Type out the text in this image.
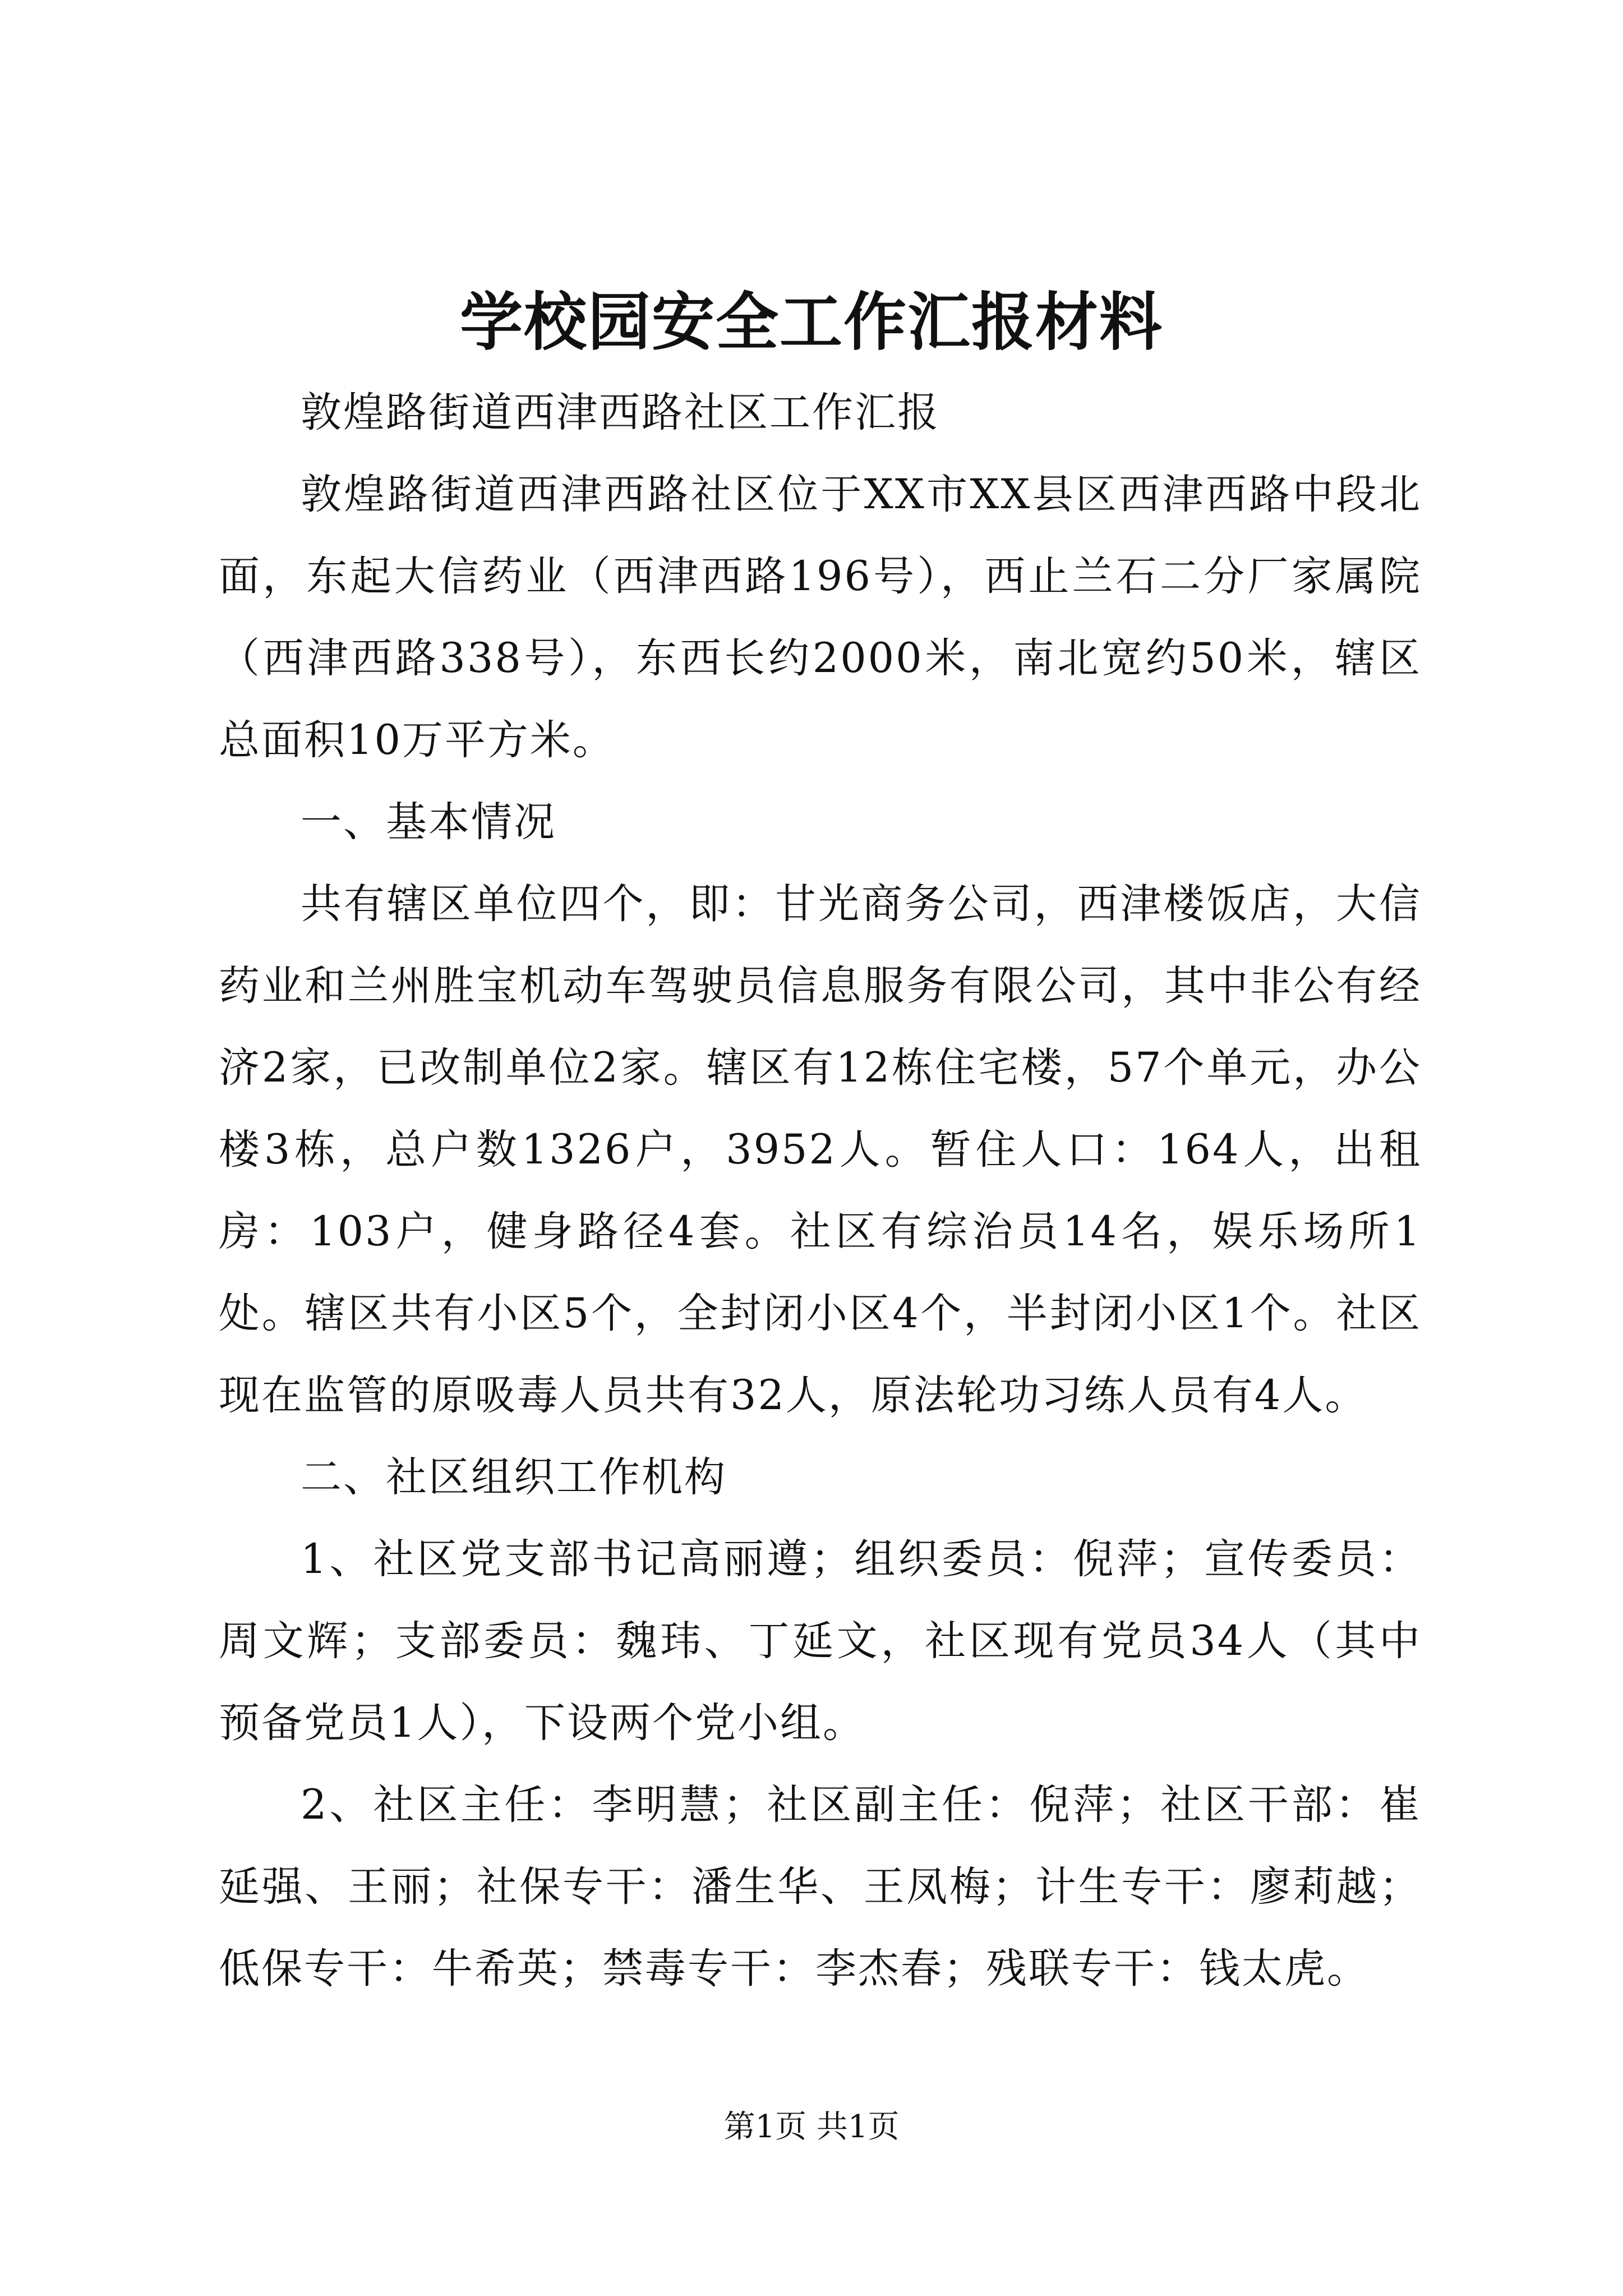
学校园安全工作汇报材料

敦煌路街道西津西路社区工作汇报

敦煌路街道西津西路社区位于XX市XX县区西津西路中段北面，东起大信药业（西津西路196号），西止兰石二分厂家属院（西津西路338号），东西长约2000米，南北宽约50米，辖区总面积10万平方米。

一、基本情况

共有辖区单位四个，即：甘光商务公司，西津楼饭店，大信药业和兰州胜宝机动车驾驶员信息服务有限公司，其中非公有经济2家，已改制单位2家。辖区有12栋住宅楼，57个单元，办公楼3栋，总户数1326户，3952人。暂住人口：164人，出租房：103户，健身路径4套。社区有综治员14名，娱乐场所1处。辖区共有小区5个，全封闭小区4个，半封闭小区1个。社区现在监管的原吸毒人员共有32人，原法轮功习练人员有4人。

二、社区组织工作机构

1、社区党支部书记高丽遵；组织委员：倪萍；宣传委员：周文辉；支部委员：魏玮、丁延文，社区现有党员34人（其中预备党员1人），下设两个党小组。

2、社区主任：李明慧；社区副主任：倪萍；社区干部：崔延强、王丽；社保专干：潘生华、王凤梅；计生专干：廖莉越；低保专干：牛希英；禁毒专干：李杰春；残联专干：钱太虎。

第1页 共1页
